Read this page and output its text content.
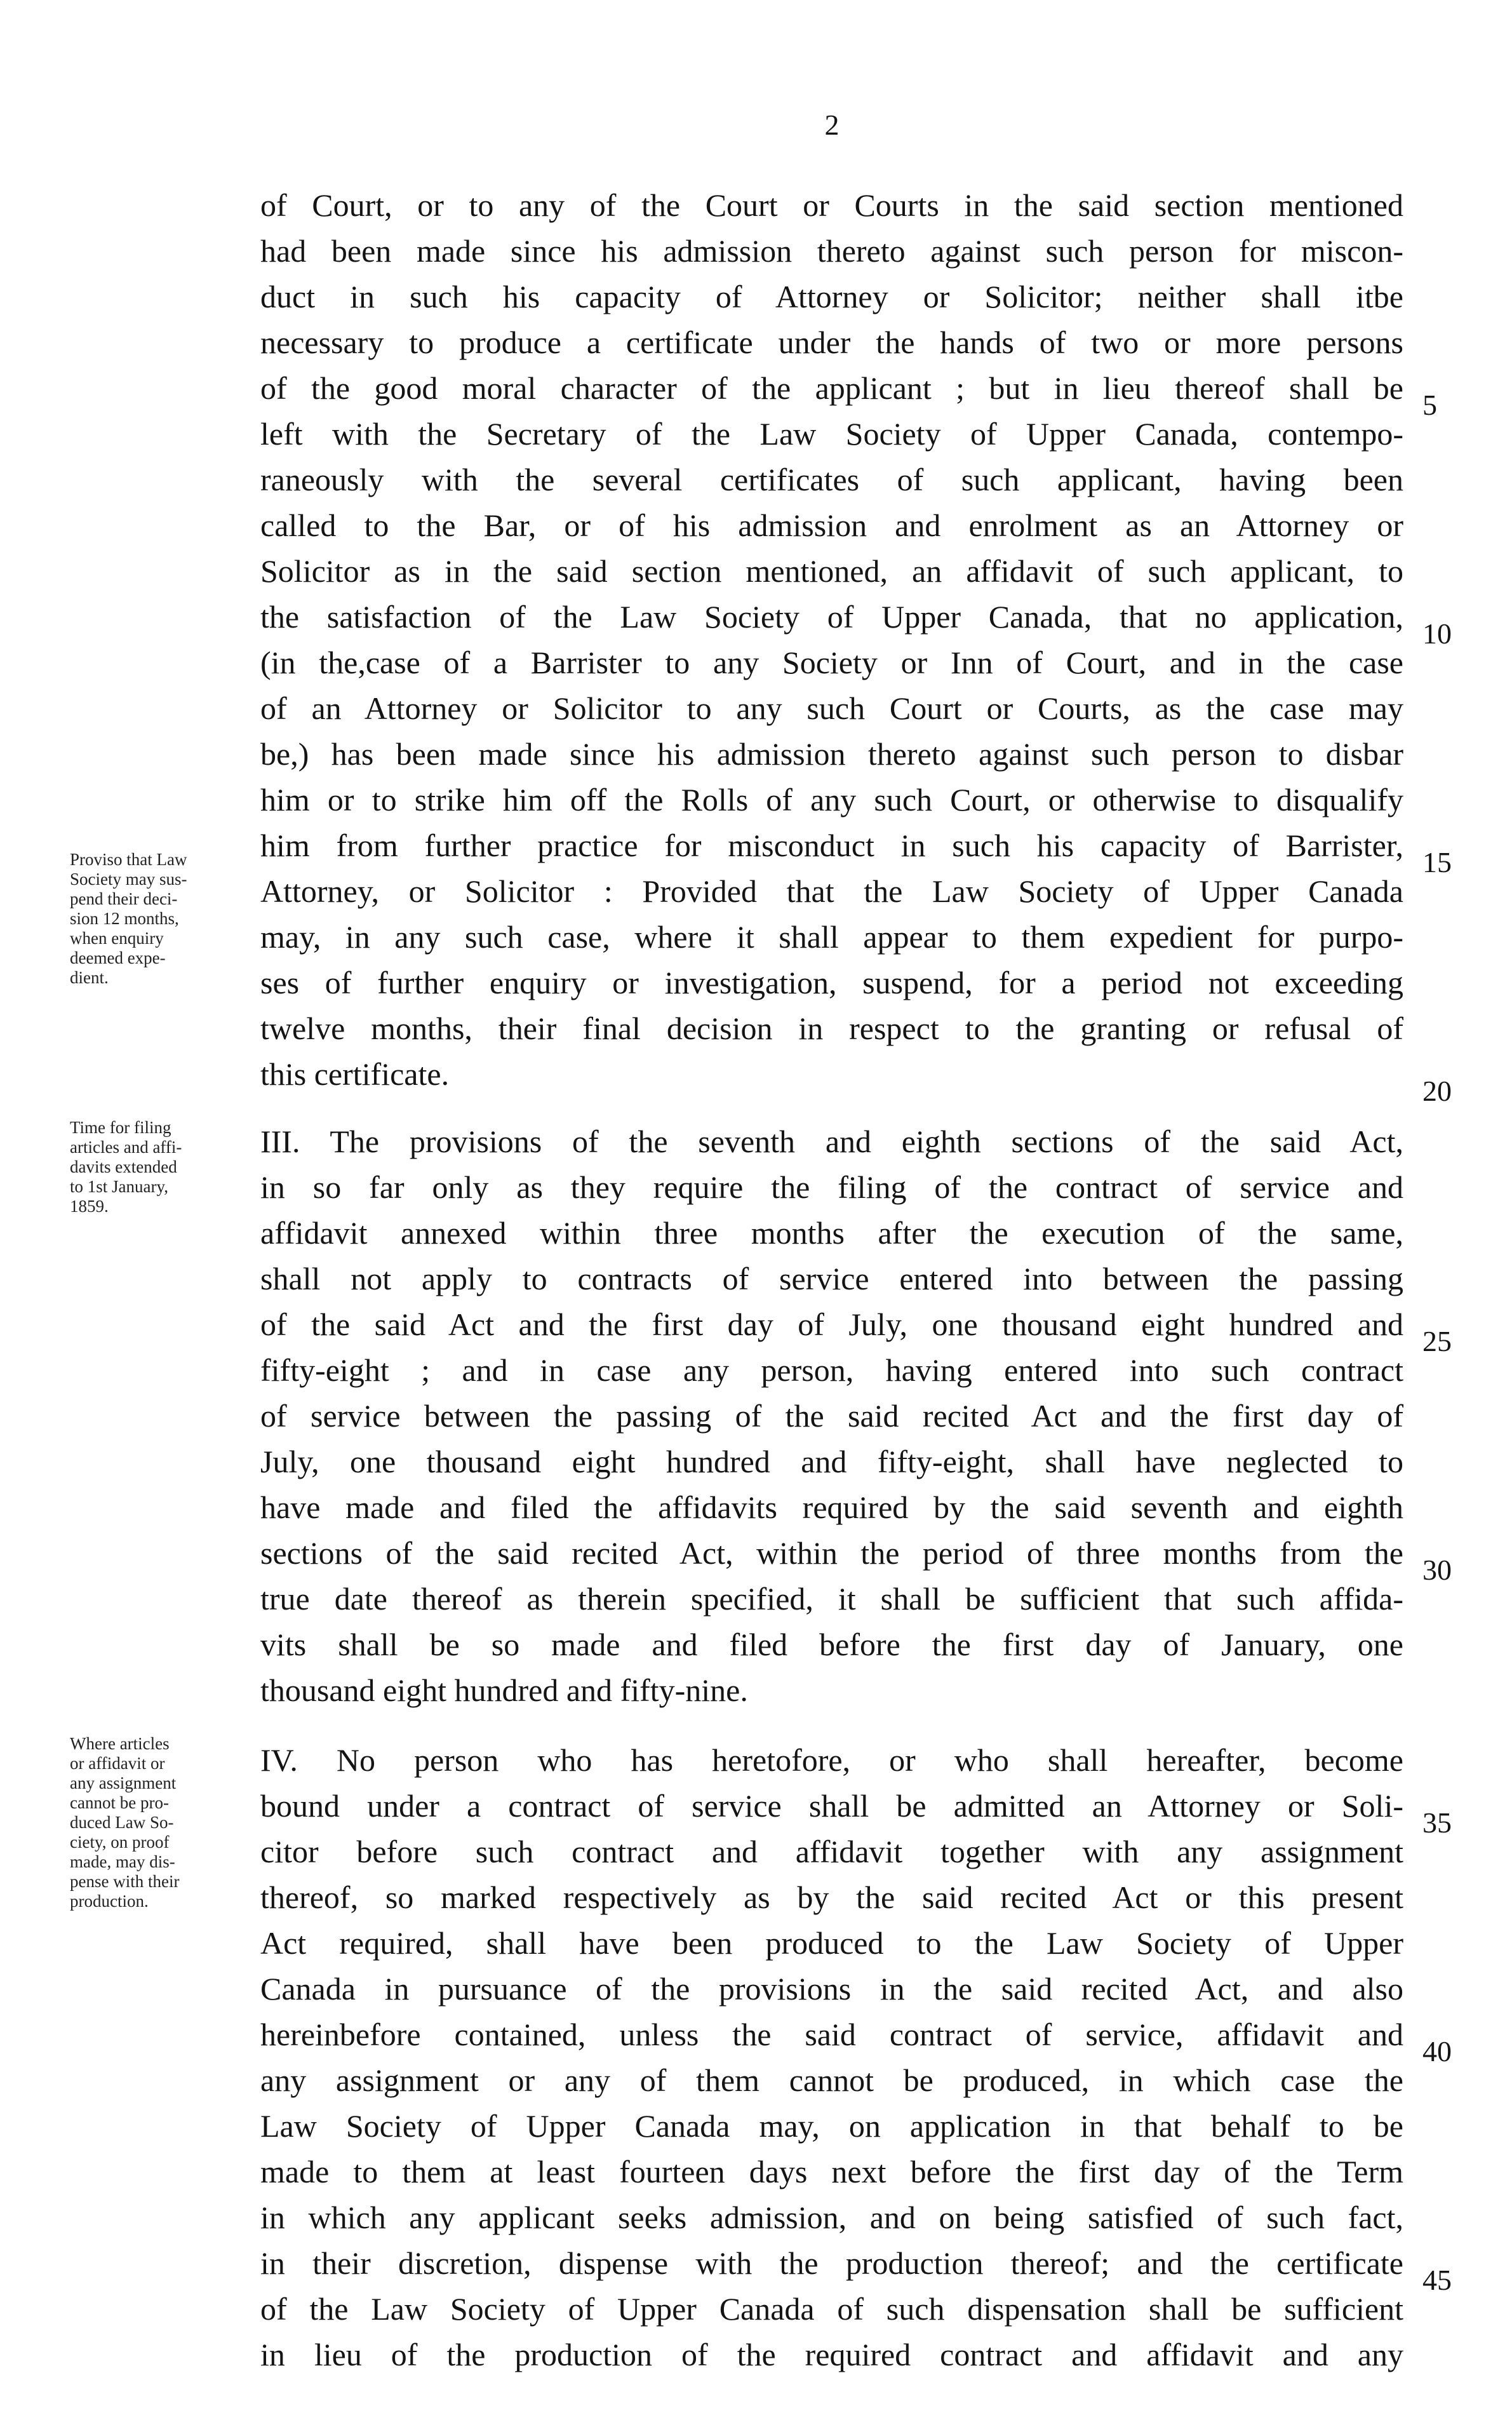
2
of Court, or to any of the Court or Courts in the said section mentioned
had been made since his admission thereto against such person for miscon-
duct in such his capacity of Attorney or Solicitor; neither shall itbe
necessary to produce a certificate under the hands of two or more persons
of the good moral character of the applicant ; but in lieu thereof shall be
left with the Secretary of the Law Society of Upper Canada, contempo-
raneously with the several certificates of such applicant, having been
called to the Bar, or of his admission and enrolment as an Attorney or
Solicitor as in the said section mentioned, an affidavit of such applicant, to
the satisfaction of the Law Society of Upper Canada, that no application,
(in the,case of a Barrister to any Society or Inn of Court, and in the case
of an Attorney or Solicitor to any such Court or Courts, as the case may
be,) has been made since his admission thereto against such person to disbar
him or to strike him off the Rolls of any such Court, or otherwise to disqualify
him from further practice for misconduct in such his capacity of Barrister,
Attorney, or Solicitor : Provided that the Law Society of Upper Canada
may, in any such case, where it shall appear to them expedient for purpo-
ses of further enquiry or investigation, suspend, for a period not exceeding
twelve months, their final decision in respect to the granting or refusal of
this certificate.
III. The provisions of the seventh and eighth sections of the said Act,
in so far only as they require the filing of the contract of service and
affidavit annexed within three months after the execution of the same,
shall not apply to contracts of service entered into between the passing
of the said Act and the first day of July, one thousand eight hundred and
fifty-eight ; and in case any person, having entered into such contract
of service between the passing of the said recited Act and the first day of
July, one thousand eight hundred and fifty-eight, shall have neglected to
have made and filed the affidavits required by the said seventh and eighth
sections of the said recited Act, within the period of three months from the
true date thereof as therein specified, it shall be sufficient that such affida-
vits shall be so made and filed before the first day of January, one
thousand eight hundred and fifty-nine.
IV. No person who has heretofore, or who shall hereafter, become
bound under a contract of service shall be admitted an Attorney or Soli-
citor before such contract and affidavit together with any assignment
thereof, so marked respectively as by the said recited Act or this present
Act required, shall have been produced to the Law Society of Upper
Canada in pursuance of the provisions in the said recited Act, and also
hereinbefore contained, unless the said contract of service, affidavit and
any assignment or any of them cannot be produced, in which case the
Law Society of Upper Canada may, on application in that behalf to be
made to them at least fourteen days next before the first day of the Term
in which any applicant seeks admission, and on being satisfied of such fact,
in their discretion, dispense with the production thereof; and the certificate
of the Law Society of Upper Canada of such dispensation shall be sufficient
in lieu of the production of the required contract and affidavit and any
5
10
15
20
25
30
35
40
45
Proviso that Law
Society may sus-
pend their deci-
sion 12 months,
when enquiry
deemed expe-
dient.
Time for filing
articles and affi-
davits extended
to 1st January,
1859.
Where articles
or affidavit or
any assignment
cannot be pro-
duced Law So-
ciety, on proof
made, may dis-
pense with their
production.
